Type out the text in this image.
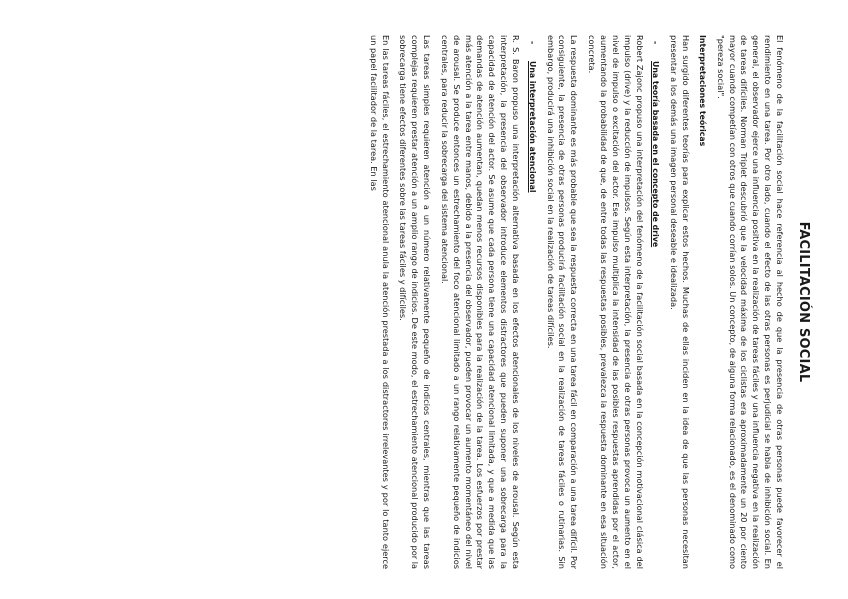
FACILITACIÓN SOCIAL

El fenómeno de la facilitación social hace referencia al hecho de que la presencia de otras personas puede favorecer el rendimiento en una tarea. Por otro lado, cuando el efecto de las otras personas es perjudicial se habla de inhibición social. En general, el observador ejerce una influencia positiva en la realización de tareas fáciles y una influencia negativa en la realización de tareas difíciles. Norman Triplet descubrió que la velocidad máxima de los ciclistas era aproximadamente un 20 por ciento mayor cuando competían con otros que cuando corrían solos. Un concepto, de alguna forma relacionado, es el denominado como "pereza social".

Interpretaciones teóricas

Han surgido diferentes teorías para explicar estos hechos. Muchas de ellas inciden en la idea de que las personas necesitan presentar a los demás una imagen personal deseable e idealizada.

-Una teoría basada en el concepto de drive

Robert Zajonc propuso una interpretación del fenómeno de la facilitación social basada en la concepción motivacional clásica del impulso (drive) y la reducción de impulsos. Según esta interpretación, la presencia de otras personas provoca un aumento en el nivel de impulso o excitación del actor. Ese impulso multiplica la intensidad de las posibles respuestas aprendidas por el actor, aumentando la probabilidad de que, de entre todas las respuestas posibles, prevalezca la respuesta dominante en esa situación concreta.

La respuesta dominante es más probable que sea la respuesta correcta en una tarea fácil en comparación a una tarea difícil. Por consiguiente, la presencia de otras personas producirá facilitación social en la realización de tareas fáciles o rutinarias. Sin embargo, producirá una inhibición social en la realización de tareas difíciles.

-Una interpretación atencional

R. S. Baron propuso una interpretación alternativa basada en los efectos atencionales de los niveles de arousal. Según esta interpretación, la presencia del observador introduce elementos distractores que pueden suponer una sobrecarga para la capacidad de atención del actor. Se asume que cada persona tiene una capacidad atencional limitada, y que a medida que las demandas de atención aumentan, quedan menos recursos disponibles para la realización de la tarea. Los esfuerzos por prestar más atención a la tarea entre manos, debido a la presencia del observador, pueden provocar un aumento momentáneo del nivel de arousal. Se produce entonces un estrechamiento del foco atencional limitado a un rango relativamente pequeño de indicios centrales, para reducir la sobrecarga del sistema atencional.

Las tareas simples requieren atención a un número relativamente pequeño de indicios centrales, mientras que las tareas complejas requieren prestar atención a un amplio rango de indicios. De este modo, el estrechamiento atencional producido por la sobrecarga tiene efectos diferentes sobre las tareas fáciles y difíciles.

En las tareas fáciles, el estrechamiento atencional anula la atención prestada a los distractores irrelevantes y por lo tanto ejerce un papel facilitador de la tarea. En las
